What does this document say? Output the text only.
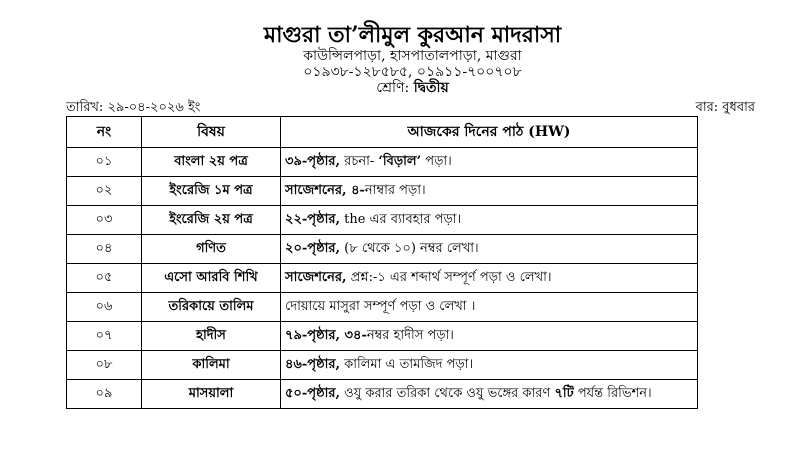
মাগুরা তা’লীমুল কুরআন মাদরাসা
কাউন্সিলপাড়া, হাসপাতালপাড়া, মাগুরা
০১৯৩৮-১২৮৫৮৫, ০১৯১১-৭০০৭০৮
শ্রেণি: দ্বিতীয়
তারিখ: ২৯-০৪-২০২৬ ইং	বার: বুধবার
নং	বিষয়	আজকের দিনের পাঠ (HW)
০১	বাংলা ২য় পত্র	৩৯-পৃষ্ঠার, রচনা- ‘বিড়াল’ পড়া।
০২	ইংরেজি ১ম পত্র	সাজেশনের, ৪-নাম্বার পড়া।
০৩	ইংরেজি ২য় পত্র	২২-পৃষ্ঠার, the এর ব্যাবহার পড়া।
০৪	গণিত	২০-পৃষ্ঠার, (৮ থেকে ১০) নম্বর লেখা।
০৫	এসো আরবি শিখি	সাজেশনের, প্রশ্ন:-১ এর শব্দার্থ সম্পূর্ণ পড়া ও লেখা।
০৬	তরিকায়ে তালিম	দোয়ায়ে মাসুরা সম্পূর্ণ পড়া ও লেখা ।
০৭	হাদীস	৭৯-পৃষ্ঠার, ৩৪-নম্বর হাদীস পড়া।
০৮	কালিমা	৪৬-পৃষ্ঠার, কালিমা এ তামজিদ পড়া।
০৯	মাসয়ালা	৫০-পৃষ্ঠার, ওযু করার তরিকা থেকে ওযু ভঙ্গের কারণ ৭টি পর্যন্ত রিভিশন।
